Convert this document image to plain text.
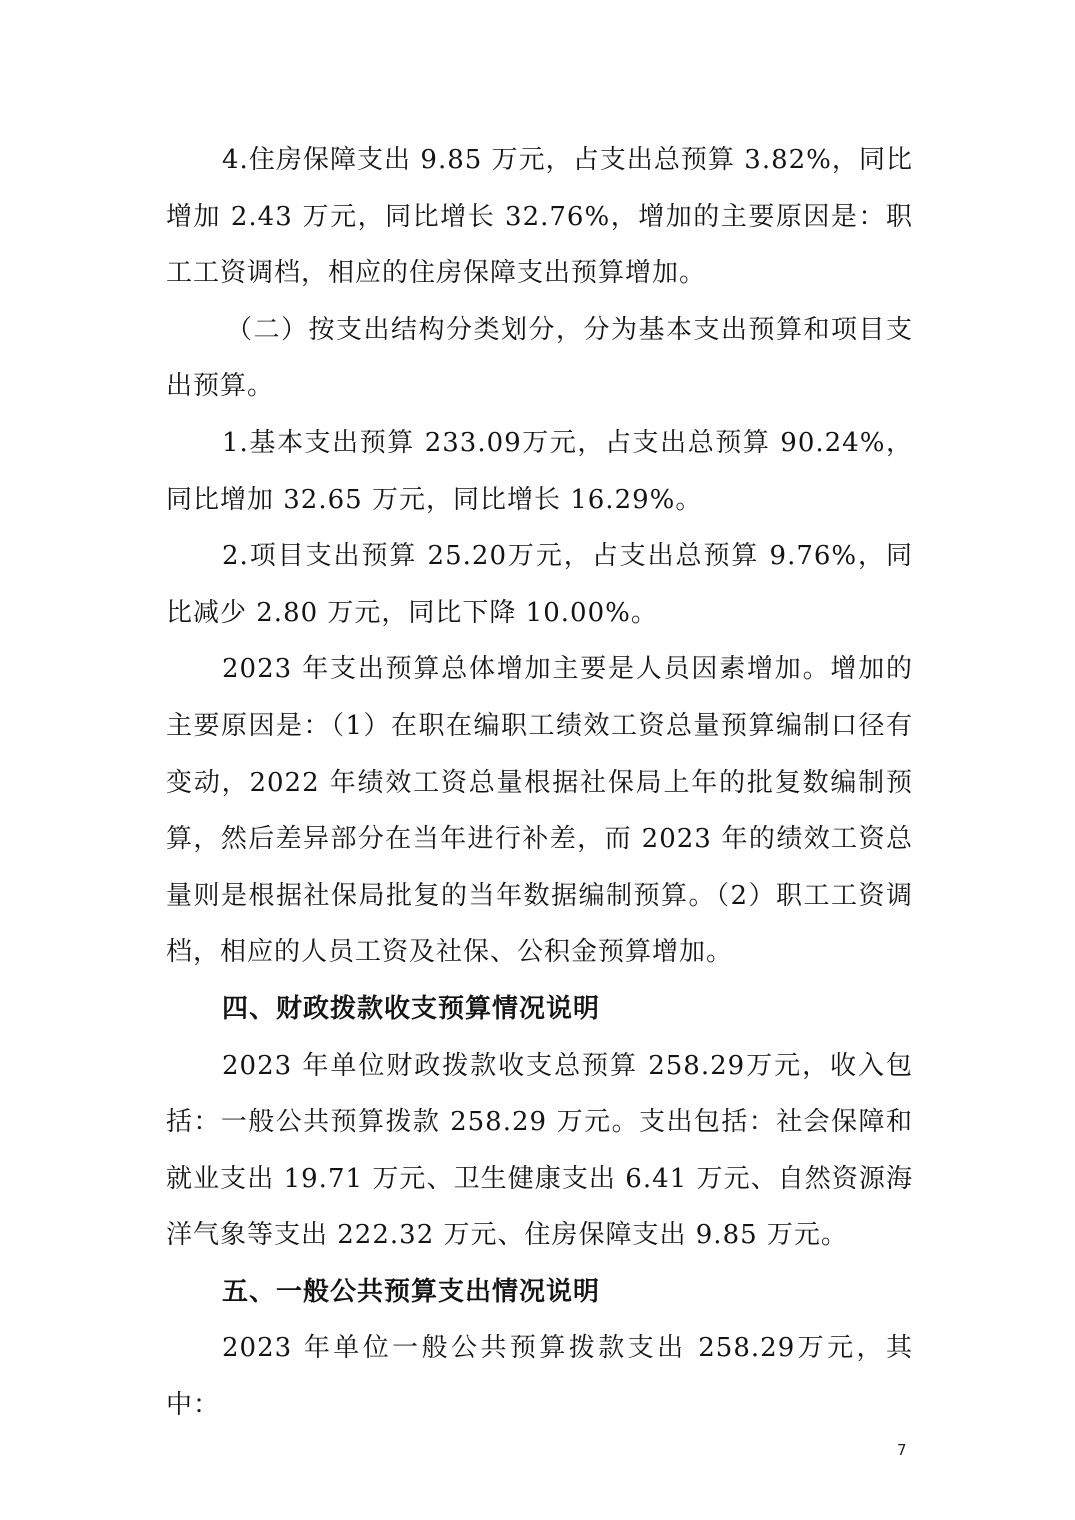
4.住房保障支出 9.85 万元，占支出总预算 3.82%，同比增加 2.43 万元，同比增长 32.76%，增加的主要原因是：职工工资调档，相应的住房保障支出预算增加。

（二）按支出结构分类划分，分为基本支出预算和项目支出预算。

1.基本支出预算 233.09万元，占支出总预算 90.24%，同比增加 32.65 万元，同比增长 16.29%。

2.项目支出预算 25.20万元，占支出总预算 9.76%，同比减少 2.80 万元，同比下降 10.00%。

2023 年支出预算总体增加主要是人员因素增加。增加的主要原因是：（1）在职在编职工绩效工资总量预算编制口径有变动，2022 年绩效工资总量根据社保局上年的批复数编制预算，然后差异部分在当年进行补差，而 2023 年的绩效工资总量则是根据社保局批复的当年数据编制预算。（2）职工工资调档，相应的人员工资及社保、公积金预算增加。

四、财政拨款收支预算情况说明

2023 年单位财政拨款收支总预算 258.29万元，收入包括：一般公共预算拨款 258.29 万元。支出包括：社会保障和就业支出 19.71 万元、卫生健康支出 6.41 万元、自然资源海洋气象等支出 222.32 万元、住房保障支出 9.85 万元。

五、一般公共预算支出情况说明

2023 年单位一般公共预算拨款支出 258.29万元，其中：

7
